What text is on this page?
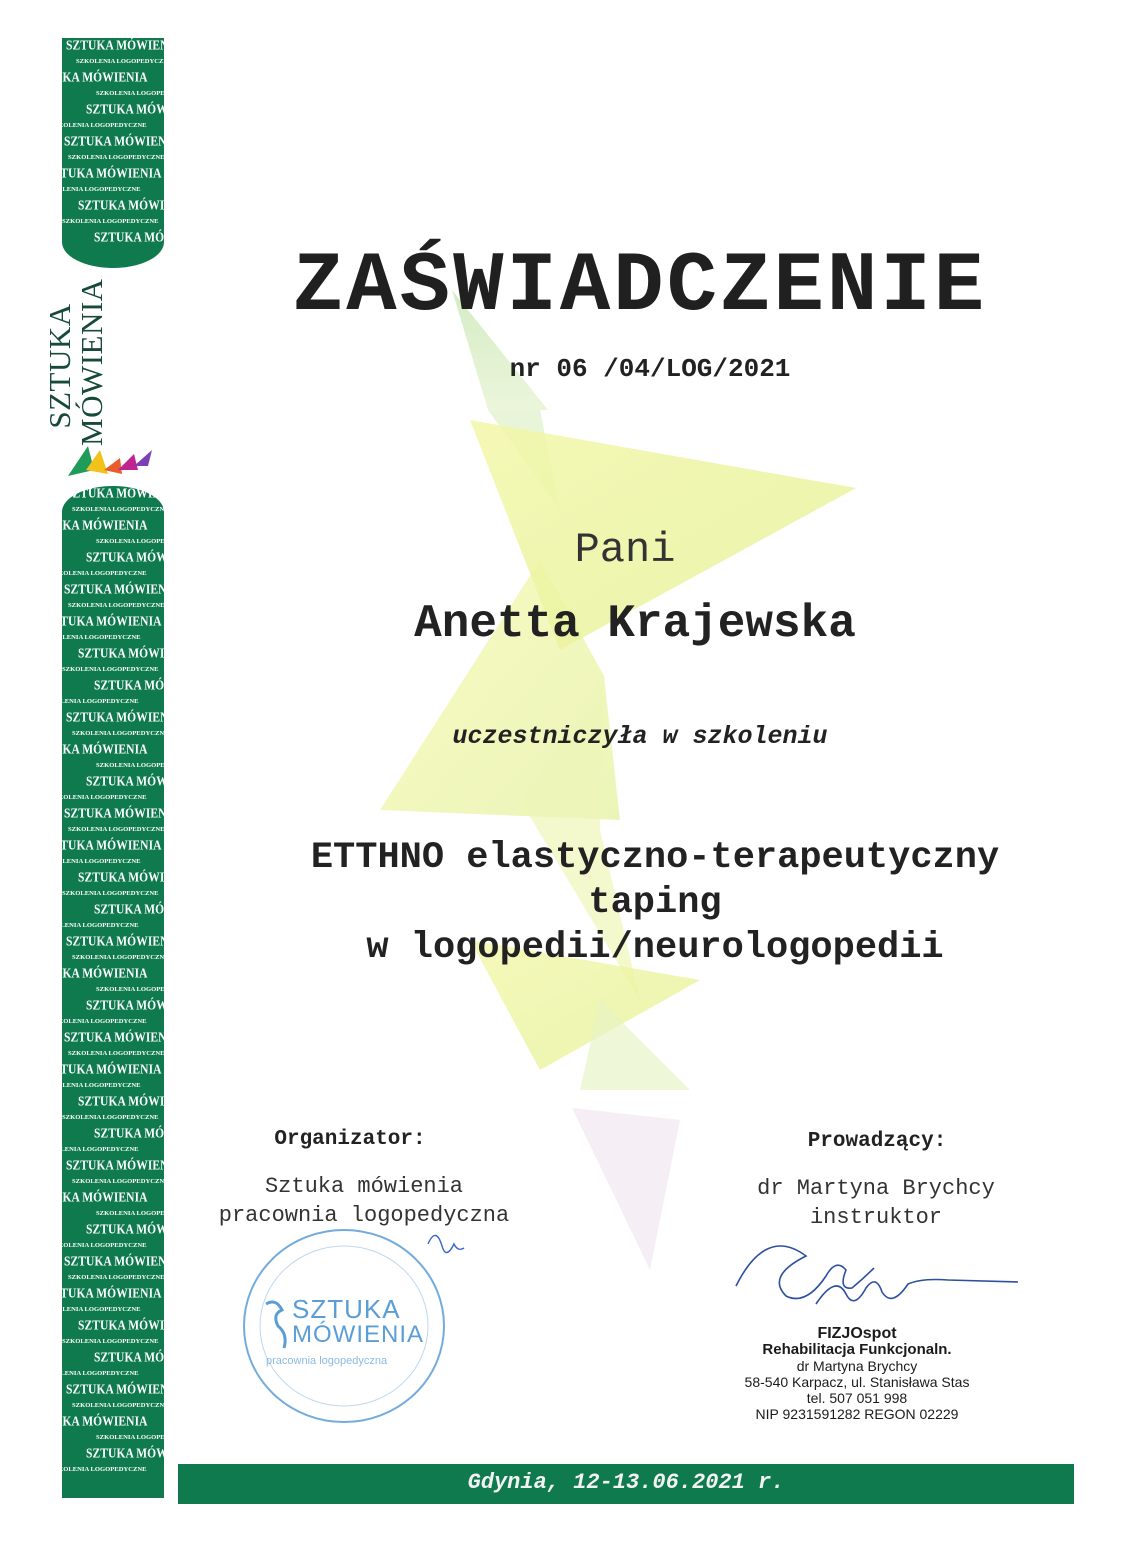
SZTUKA MÓWIENIA
SZKOLENIA LOGOPEDYCZNE
SZTUKA MÓWIENIA
SZKOLENIA LOGOPEDYCZNE
SZTUKA MÓWIENIA
SZKOLENIA LOGOPEDYCZNE
SZTUKA MÓWIENIA
SZKOLENIA LOGOPEDYCZNE
SZTUKA MÓWIENIA
SZKOLENIA LOGOPEDYCZNE
SZTUKA MÓWIENIA
SZKOLENIA LOGOPEDYCZNE
SZTUKA MÓWIENIA
SZTUKA
MÓWIENIA
SZTUKA MÓWIENIA
SZKOLENIA LOGOPEDYCZNE
SZTUKA MÓWIENIA
SZKOLENIA LOGOPEDYCZNE
SZTUKA MÓWIENIA
SZKOLENIA LOGOPEDYCZNE
SZTUKA MÓWIENIA
SZKOLENIA LOGOPEDYCZNE
SZTUKA MÓWIENIA
SZKOLENIA LOGOPEDYCZNE
SZTUKA MÓWIENIA
SZKOLENIA LOGOPEDYCZNE
SZTUKA MÓWIENIA
SZKOLENIA LOGOPEDYCZNE
SZTUKA MÓWIENIA
SZKOLENIA LOGOPEDYCZNE
SZTUKA MÓWIENIA
SZKOLENIA LOGOPEDYCZNE
SZTUKA MÓWIENIA
SZKOLENIA LOGOPEDYCZNE
SZTUKA MÓWIENIA
SZKOLENIA LOGOPEDYCZNE
SZTUKA MÓWIENIA
SZKOLENIA LOGOPEDYCZNE
SZTUKA MÓWIENIA
SZKOLENIA LOGOPEDYCZNE
SZTUKA MÓWIENIA
SZKOLENIA LOGOPEDYCZNE
SZTUKA MÓWIENIA
SZKOLENIA LOGOPEDYCZNE
SZTUKA MÓWIENIA
SZKOLENIA LOGOPEDYCZNE
SZTUKA MÓWIENIA
SZKOLENIA LOGOPEDYCZNE
SZTUKA MÓWIENIA
SZKOLENIA LOGOPEDYCZNE
SZTUKA MÓWIENIA
SZKOLENIA LOGOPEDYCZNE
SZTUKA MÓWIENIA
SZKOLENIA LOGOPEDYCZNE
SZTUKA MÓWIENIA
SZKOLENIA LOGOPEDYCZNE
SZTUKA MÓWIENIA
SZKOLENIA LOGOPEDYCZNE
SZTUKA MÓWIENIA
SZKOLENIA LOGOPEDYCZNE
SZTUKA MÓWIENIA
SZKOLENIA LOGOPEDYCZNE
SZTUKA MÓWIENIA
SZKOLENIA LOGOPEDYCZNE
SZTUKA MÓWIENIA
SZKOLENIA LOGOPEDYCZNE
SZTUKA MÓWIENIA
SZKOLENIA LOGOPEDYCZNE
SZTUKA MÓWIENIA
SZKOLENIA LOGOPEDYCZNE
SZTUKA MÓWIENIA
SZKOLENIA LOGOPEDYCZNE
SZTUKA MÓWIENIA
SZKOLENIA LOGOPEDYCZNE
SZTUKA MÓWIENIA
SZKOLENIA LOGOPEDYCZNE
ZAŚWIADCZENIE
nr 06 /04/LOG/2021
Pani
Anetta Krajewska
uczestniczyła w szkoleniu
ETTHNO elastyczno-terapeutyczny
taping
w logopedii/neurologopedii
Organizator:
Sztuka mówienia
pracownia logopedyczna
SZTUKA
MÓWIENIA
pracownia logopedyczna
Prowadzący:
dr Martyna Brychcy
instruktor
FIZJOspot
Rehabilitacja Funkcjonaln.
dr Martyna Brychcy
58-540 Karpacz, ul. Stanisława Stas
tel. 507 051 998
NIP 9231591282 REGON 02229
Gdynia, 12-13.06.2021 r.
